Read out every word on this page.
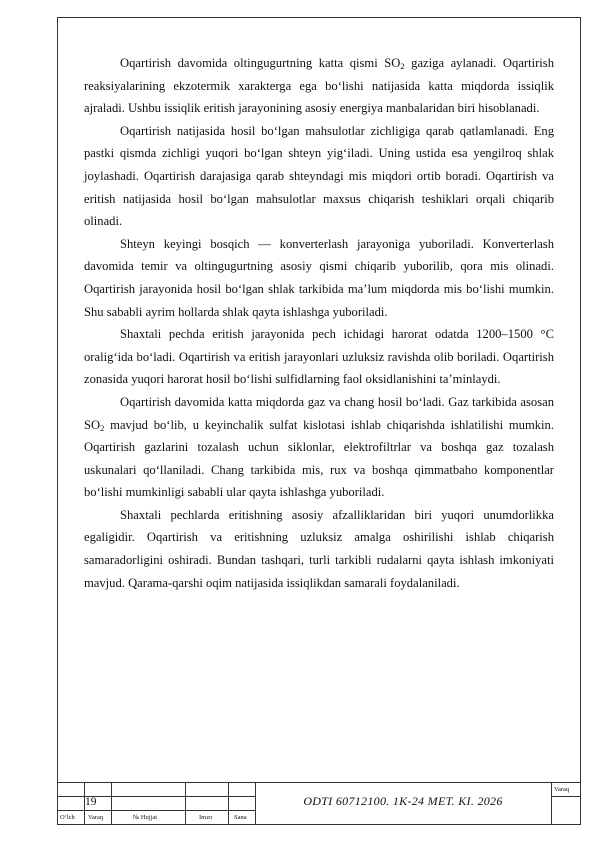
Oqartirish davomida oltingugurtning katta qismi $SO_2$ gaziga aylanadi. Oqartirish reaksiyalarining ekzotermik xarakterga ega bo‘lishi natijasida katta miqdorda issiqlik ajraladi. Ushbu issiqlik eritish jarayonining asosiy energiya manbalaridan biri hisoblanadi.

Oqartirish natijasida hosil bo‘lgan mahsulotlar zichligiga qarab qatlamlanadi. Eng pastki qismda zichligi yuqori bo‘lgan shteyn yig‘iladi. Uning ustida esa yengilroq shlak joylashadi. Oqartirish darajasiga qarab shteyndagi mis miqdori ortib boradi. Oqartirish va eritish natijasida hosil bo‘lgan mahsulotlar maxsus chiqarish teshiklari orqali chiqarib olinadi.

Shteyn keyingi bosqich — konverterlash jarayoniga yuboriladi. Konverterlash davomida temir va oltingugurtning asosiy qismi chiqarib yuborilib, qora mis olinadi. Oqartirish jarayonida hosil bo‘lgan shlak tarkibida ma’lum miqdorda mis bo‘lishi mumkin. Shu sababli ayrim hollarda shlak qayta ishlashga yuboriladi.

Shaxtali pechda eritish jarayonida pech ichidagi harorat odatda 1200–1500 °C oralig‘ida bo‘ladi. Oqartirish va eritish jarayonlari uzluksiz ravishda olib boriladi. Oqartirish zonasida yuqori harorat hosil bo‘lishi sulfidlarning faol oksidlanishini ta’minlaydi.

Oqartirish davomida katta miqdorda gaz va chang hosil bo‘ladi. Gaz tarkibida asosan $SO_2$ mavjud bo‘lib, u keyinchalik sulfat kislotasi ishlab chiqarishda ishlatilishi mumkin. Oqartirish gazlarini tozalash uchun siklonlar, elektrofiltrlar va boshqa gaz tozalash uskunalari qo‘llaniladi. Chang tarkibida mis, rux va boshqa qimmatbaho komponentlar bo‘lishi mumkinligi sababli ular qayta ishlashga yuboriladi.

Shaxtali pechlarda eritishning asosiy afzalliklaridan biri yuqori unumdorlikka egaligidir. Oqartirish va eritishning uzluksiz amalga oshirilishi ishlab chiqarish samaradorligini oshiradi. Bundan tashqari, turli tarkibli rudalarni qayta ishlash imkoniyati mavjud. Qarama-qarshi oqim natijasida issiqlikdan samarali foydalaniladi.

19	ODTI 60712100. 1K-24 MET. KI. 2026
Varaq
O‘lch Varaq	№ Hujjat	Imzo	Sana
